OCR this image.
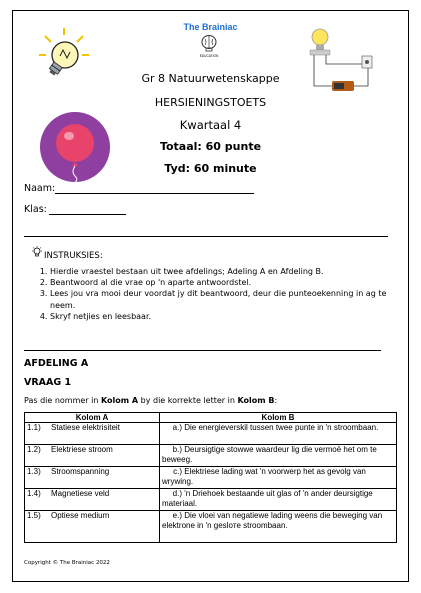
The Brainiac
EDUCATION
Gr 8 Natuurwetenskappe
HERSIENINGSTOETS
Kwartaal 4
Totaal: 60 punte
Tyd: 60 minute
Naam:
Klas:
INSTRUKSIES:
1. Hierdie vraestel bestaan uit twee afdelings; Adeling A en Afdeling B.
2. Beantwoord al die vrae op 'n aparte antwoordstel.
3. Lees jou vra mooi deur voordat jy dit beantwoord, deur die punteoekenning in ag te neem.
4. Skryf netjies en leesbaar.
AFDELING A
VRAAG 1
Pas die nommer in Kolom A by die korrekte letter in Kolom B:
Kolom A	Kolom B
1.1) Statiese elektrisiteit	a.) Die energieverskil tussen twee punte in 'n stroombaan.
1.2) Elektriese stroom	b.) Deursigtige stowwe waardeur lig die vermoë het om te beweeg.
1.3) Stroomspanning	c.) Elektriese lading wat 'n voorwerp het as gevolg van wrywing.
1.4) Magnetiese veld	d.) 'n Driehoek bestaande uit glas of 'n ander deursigtige materiaal.
1.5) Optiese medium	e.) Die vloei van negatiewe lading weens die beweging van elektrone in 'n gesloте stroombaan.
Copyright © The Brainiac 2022
